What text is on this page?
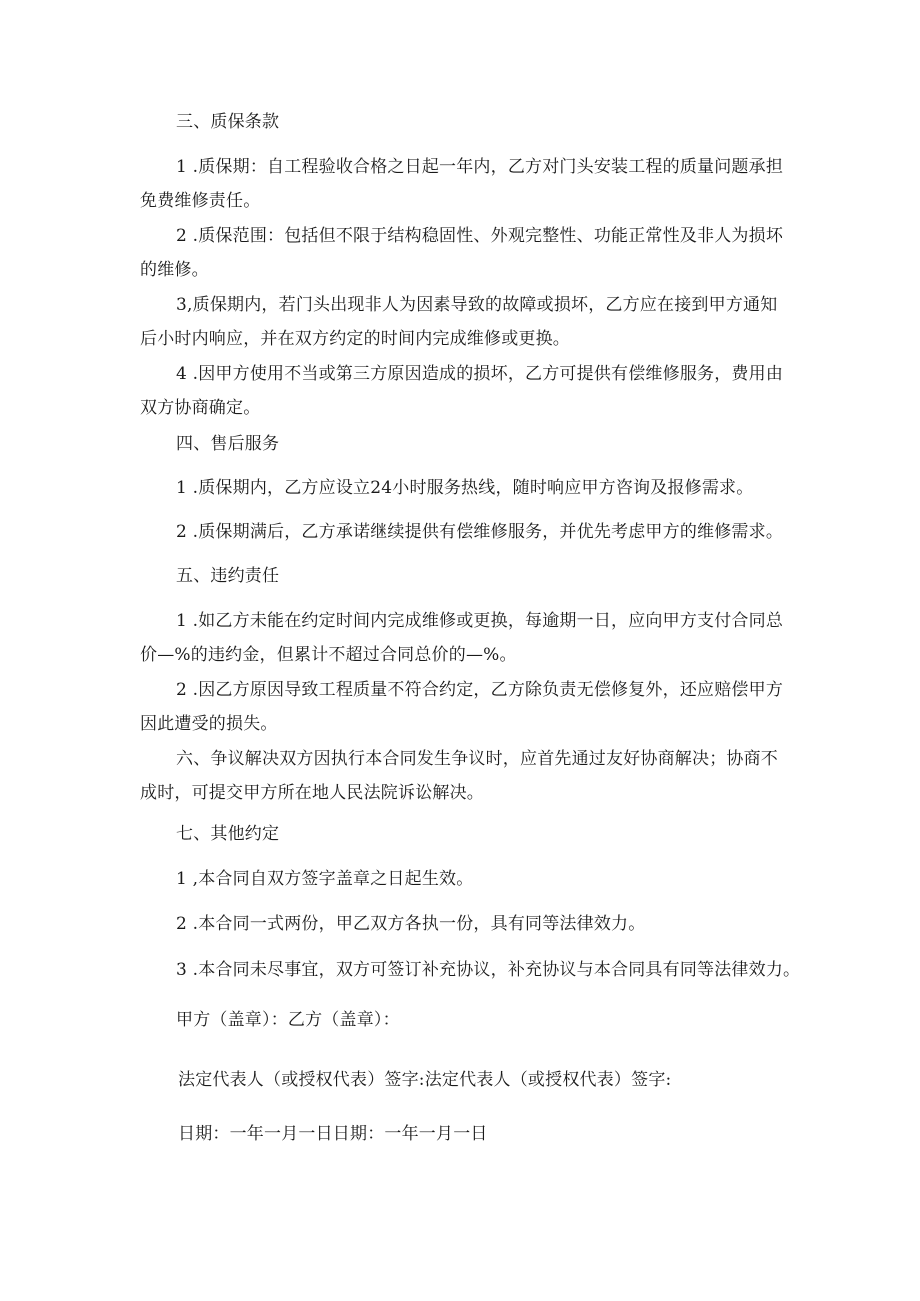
三、质保条款

1 .质保期：自工程验收合格之日起一年内，乙方对门头安装工程的质量问题承担免费维修责任。

2 .质保范围：包括但不限于结构稳固性、外观完整性、功能正常性及非人为损坏的维修。

3,质保期内，若门头出现非人为因素导致的故障或损坏，乙方应在接到甲方通知后小时内响应，并在双方约定的时间内完成维修或更换。

4 .因甲方使用不当或第三方原因造成的损坏，乙方可提供有偿维修服务，费用由双方协商确定。

四、售后服务

1 .质保期内，乙方应设立24小时服务热线，随时响应甲方咨询及报修需求。

2 .质保期满后，乙方承诺继续提供有偿维修服务，并优先考虑甲方的维修需求。

五、违约责任

1 .如乙方未能在约定时间内完成维修或更换，每逾期一日，应向甲方支付合同总价—%的违约金，但累计不超过合同总价的—%。

2 .因乙方原因导致工程质量不符合约定，乙方除负责无偿修复外，还应赔偿甲方因此遭受的损失。

六、争议解决双方因执行本合同发生争议时，应首先通过友好协商解决；协商不成时，可提交甲方所在地人民法院诉讼解决。

七、其他约定

1 ,本合同自双方签字盖章之日起生效。

2 .本合同一式两份，甲乙双方各执一份，具有同等法律效力。

3 .本合同未尽事宜，双方可签订补充协议，补充协议与本合同具有同等法律效力。

甲方（盖章）：乙方（盖章）：

法定代表人（或授权代表）签字:法定代表人（或授权代表）签字:

日期：一年一月一日日期：一年一月一日
